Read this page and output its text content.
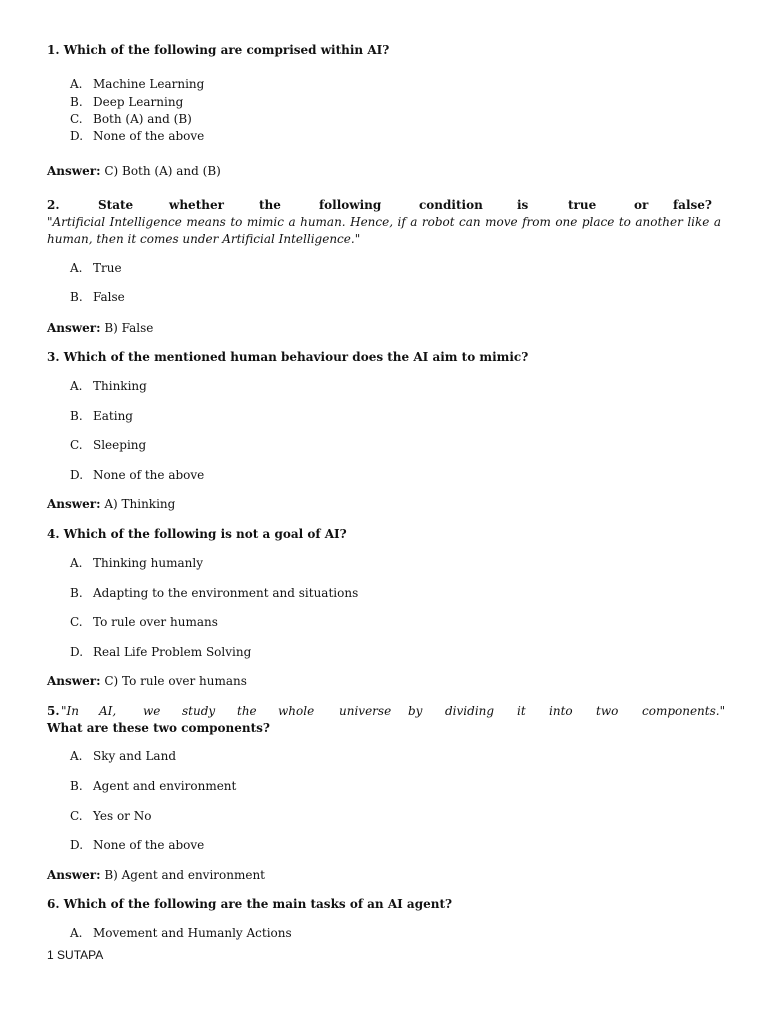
1. Which of the following are comprised within AI?
A. Machine Learning
B. Deep Learning
C. Both (A) and (B)
D. None of the above
Answer: C) Both (A) and (B)
2.	State	whether	the	following	condition	is	true	or false?
"Artificial Intelligence means to mimic a human. Hence, if a robot can move from one place to another like a human, then it comes under Artificial Intelligence."
A. True
B. False
Answer: B) False
3. Which of the mentioned human behaviour does the AI aim to mimic?
A. Thinking
B. Eating
C. Sleeping
D. None of the above
Answer: A) Thinking
4. Which of the following is not a goal of AI?
A. Thinking humanly
B. Adapting to the environment and situations
C. To rule over humans
D. Real Life Problem Solving
Answer: C) To rule over humans
5. "In AI, we study the whole universe by dividing it into two components."
What are these two components?
A. Sky and Land
B. Agent and environment
C. Yes or No
D. None of the above
Answer: B) Agent and environment
6. Which of the following are the main tasks of an AI agent?
A. Movement and Humanly Actions
1 SUTAPA
